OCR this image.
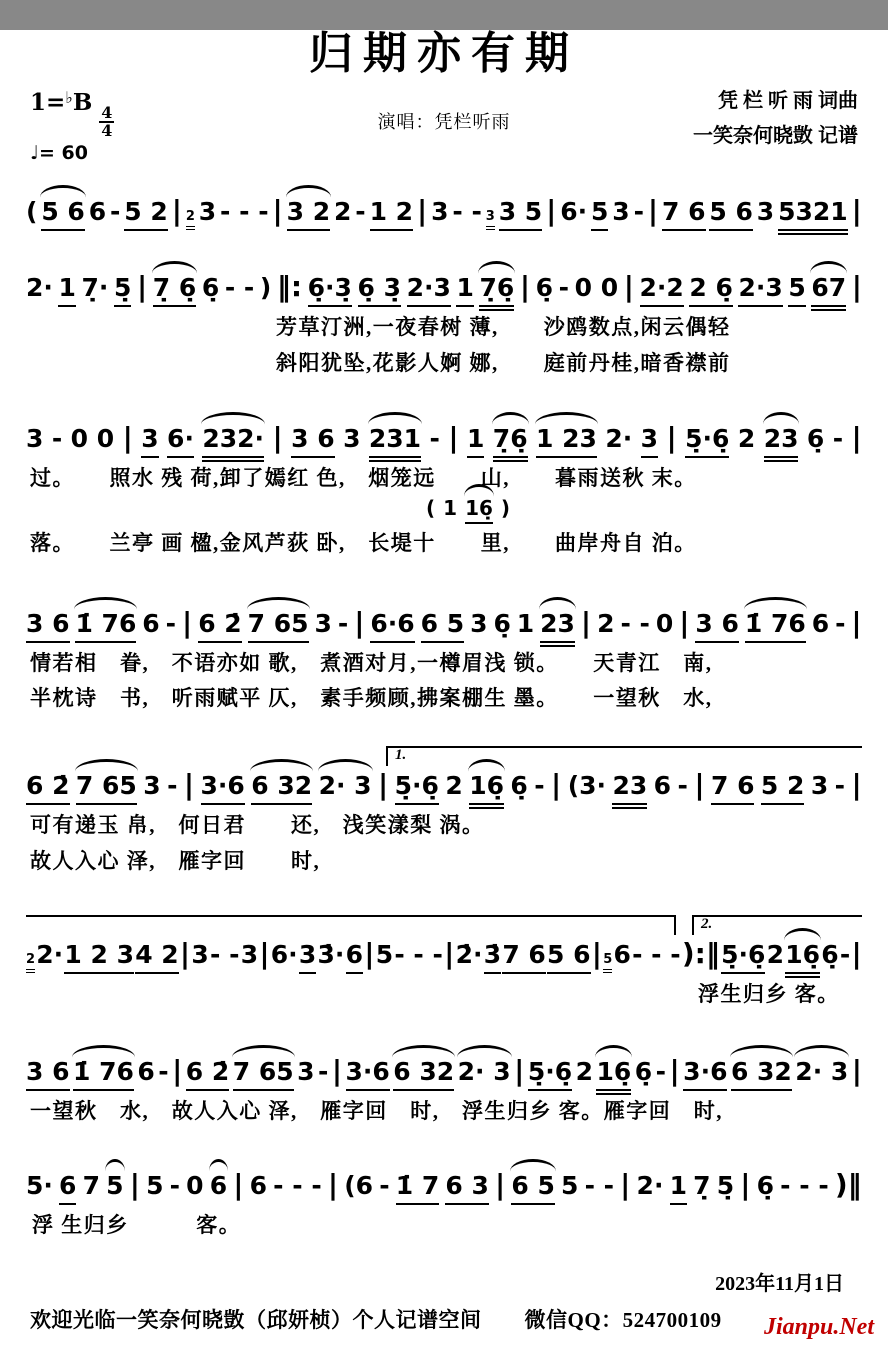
归期亦有期
1=♭B
$\frac{4}{4}$
♩= 60
演唱：凭栏听雨
凭 栏 听 雨 词曲
一笑奈何晓敳 记谱
( 5 6 6 - 5 2 | 2 3 - - - | 3 2 2 - 1 2 | 3 - - 3 3 5 | 6· 5 3 - | 7 6 5 6 3 5321 |
2· 1 7̣· 5̣ | 7̣ 6̣ 6̣ - - ) ‖: 6̣·3̣ 6̣ 3̣ 2·3 1 7̣6̣ | 6̣ - 0 0 | 2·2 2 6̣ 2·3 5 67 |
芳草汀洲,一夜春树 薄,　　沙鸥数点,闲云偶轻
斜阳犹坠,花影人婀 娜,　　庭前丹桂,暗香襟前
3 - 0 0 | 3 6· 232· | 3 6 3 231 - | 1 7̣6̣ 1 23 2· 3 | 5̣·6̣ 2 23 6̣ - |
过。　　照水 残 荷,卸了嫣红 色,　烟笼远　　山,　　暮雨送秋 末。
( 1 16̣ )
落。　　兰亭 画 楹,金风芦荻 卧,　长堤十　　里,　　曲岸舟自 泊。
3 6 1̇ 76 6 - | 6 2̇ 7 65 3 - | 6·6 6 5 3 6̣ 1 23 | 2 - - 0 | 3 6 1̇ 76 6 - |
情若相　眷,　不语亦如 歌,　煮酒对月,一樽眉浅 锁。　　天青江　南,
半枕诗　书,　听雨赋平 仄,　素手频顾,拂案棚生 墨。　　一望秋　水,
1.
6 2̇ 7 65 3 - | 3·6 6 32 2· 3 | 5̣·6̣ 2 16̣ 6̣ - | (3· 23 6 - | 7 6 5 2 3 - |
可有递玉 帛,　何日君　　还,　浅笑漾梨 涡。
故人入心 泽,　雁字回　　时,
2.
2 2· 1 2 3 4 2 | 3 - - 3 | 6· 3 3̇· 6 | 5 - - - | 2̇· 3̇ 7 6 5 6 | 5 6 - - - ):‖ 5̣·6̣ 2 16̣ 6̣ - |
浮生归乡 客。
3 6 1̇ 76 6 - | 6 2̇ 7 65 3 - | 3·6 6 32 2· 3 | 5̣·6̣ 2 16̣ 6̣ - | 3·6 6 32 2· 3 |
一望秋　水,　故人入心 泽,　雁字回　时,　浮生归乡 客。雁字回　时,
5· 6 7 5 | 5 - 0 6 | 6 - - - | (6 - 1̇ 7 6 3 | 6 5 5 - - | 2· 1 7̣ 5̣ | 6̣ - - - )‖
浮 生归乡　　　客。
2023年11月1日
欢迎光临一笑奈何晓敳（邱妍桢）个人记谱空间　　微信QQ：524700109	Jianpu.Net
